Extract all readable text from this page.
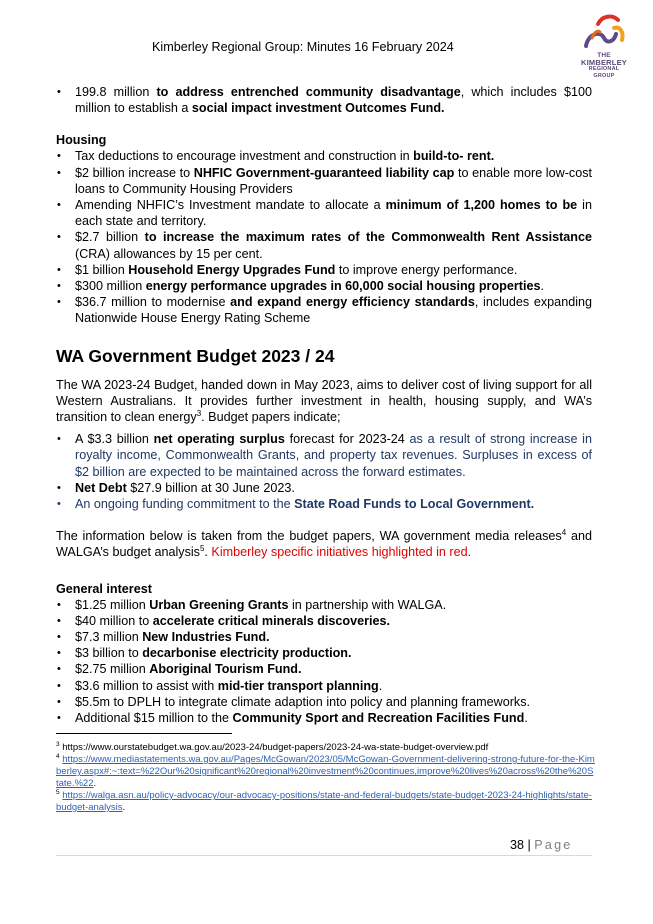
Kimberley Regional Group: Minutes 16 February 2024
THE
KIMBERLEY
REGIONAL GROUP
• 199.8 million to address entrenched community disadvantage, which includes $100 million to establish a social impact investment Outcomes Fund.
Housing
• Tax deductions to encourage investment and construction in build-to- rent.
• $2 billion increase to NHFIC Government-guaranteed liability cap to enable more low-cost loans to Community Housing Providers
• Amending NHFIC’s Investment mandate to allocate a minimum of 1,200 homes to be in each state and territory.
• $2.7 billion to increase the maximum rates of the Commonwealth Rent Assistance (CRA) allowances by 15 per cent.
• $1 billion Household Energy Upgrades Fund to improve energy performance.
• $300 million energy performance upgrades in 60,000 social housing properties.
• $36.7 million to modernise and expand energy efficiency standards, includes expanding Nationwide House Energy Rating Scheme
WA Government Budget 2023 / 24
The WA 2023-24 Budget, handed down in May 2023, aims to deliver cost of living support for all Western Australians. It provides further investment in health, housing supply, and WA’s transition to clean energy$^3$. Budget papers indicate;
• A $3.3 billion net operating surplus forecast for 2023-24 as a result of strong increase in royalty income, Commonwealth Grants, and property tax revenues. Surpluses in excess of $2 billion are expected to be maintained across the forward estimates.
• Net Debt $27.9 billion at 30 June 2023.
• An ongoing funding commitment to the State Road Funds to Local Government.
The information below is taken from the budget papers, WA government media releases$^4$ and WALGA’s budget analysis$^5$. Kimberley specific initiatives highlighted in red.
General interest
• $1.25 million Urban Greening Grants in partnership with WALGA.
• $40 million to accelerate critical minerals discoveries.
• $7.3 million New Industries Fund.
• $3 billion to decarbonise electricity production.
• $2.75 million Aboriginal Tourism Fund.
• $3.6 million to assist with mid-tier transport planning.
• $5.5m to DPLH to integrate climate adaption into policy and planning frameworks.
• Additional $15 million to the Community Sport and Recreation Facilities Fund.
$^3$ https://www.ourstatebudget.wa.gov.au/2023-24/budget-papers/2023-24-wa-state-budget-overview.pdf
$^4$ https://www.mediastatements.wa.gov.au/Pages/McGowan/2023/05/McGowan-Government-delivering-strong-future-for-the-Kimberley.aspx#:~:text=%22Our%20significant%20regional%20investment%20continues,improve%20lives%20across%20the%20State.%22.
$^5$ https://walga.asn.au/policy-advocacy/our-advocacy-positions/state-and-federal-budgets/state-budget-2023-24-highlights/state-budget-analysis.
38 | Page
